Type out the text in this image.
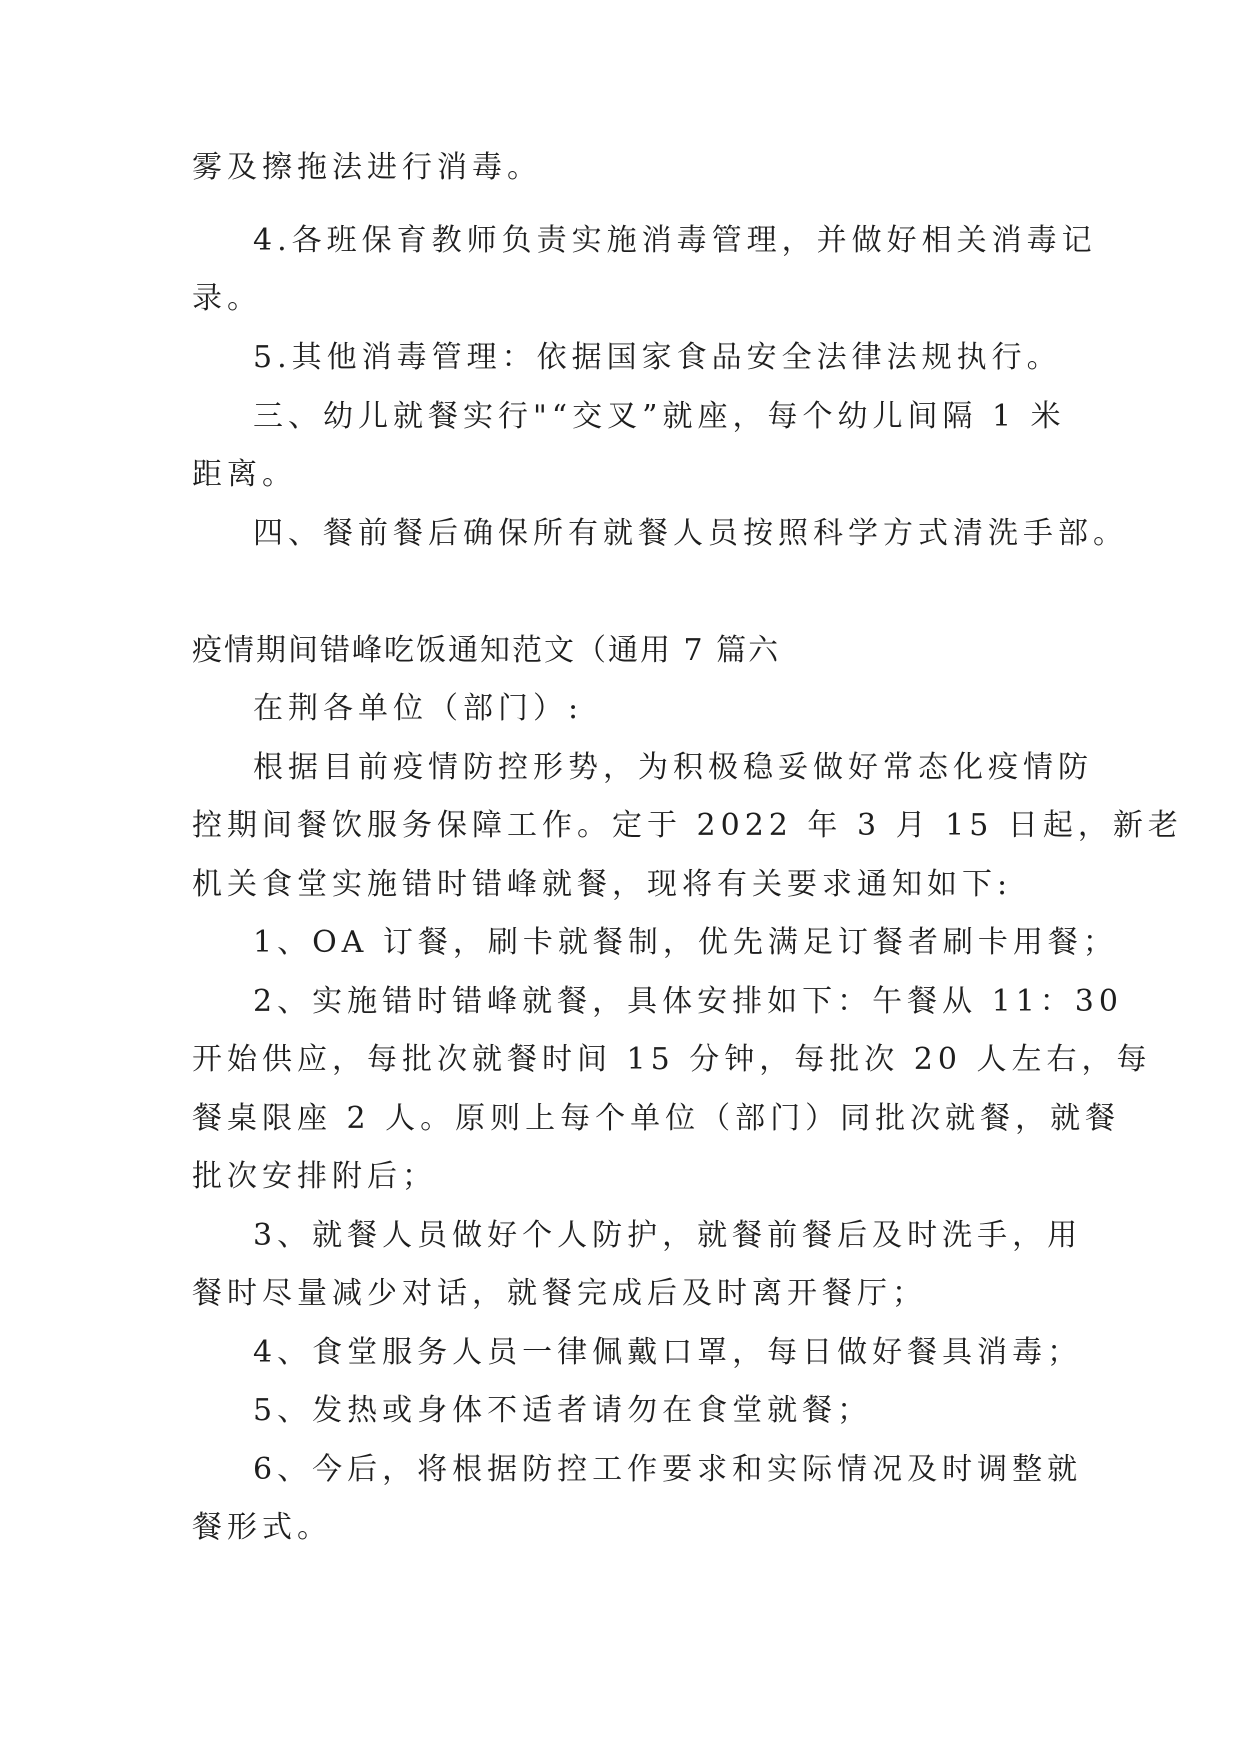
雾及擦拖法进行消毒。
4.各班保育教师负责实施消毒管理，并做好相关消毒记
录。
5.其他消毒管理：依据国家食品安全法律法规执行。
三、幼儿就餐实行"“交叉”就座，每个幼儿间隔 1 米
距离。
四、餐前餐后确保所有就餐人员按照科学方式清洗手部。
疫情期间错峰吃饭通知范文（通用 7 篇六
在荆各单位（部门）:
根据目前疫情防控形势，为积极稳妥做好常态化疫情防
控期间餐饮服务保障工作。定于 2022 年 3 月 15 日起，新老
机关食堂实施错时错峰就餐，现将有关要求通知如下:
1、OA 订餐，刷卡就餐制，优先满足订餐者刷卡用餐；
2、实施错时错峰就餐，具体安排如下：午餐从 11：30
开始供应，每批次就餐时间 15 分钟，每批次 20 人左右，每
餐桌限座 2 人。原则上每个单位（部门）同批次就餐，就餐
批次安排附后；
3、就餐人员做好个人防护，就餐前餐后及时洗手，用
餐时尽量减少对话，就餐完成后及时离开餐厅；
4、食堂服务人员一律佩戴口罩，每日做好餐具消毒；
5、发热或身体不适者请勿在食堂就餐；
6、今后，将根据防控工作要求和实际情况及时调整就
餐形式。
